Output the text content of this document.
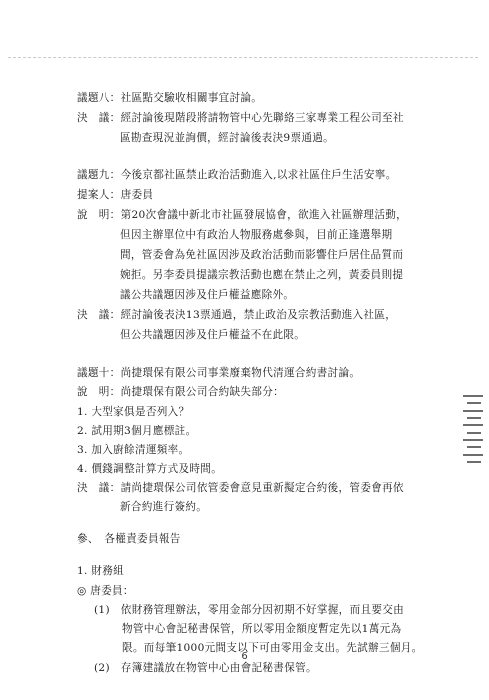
議題八：社區點交驗收相關事宜討論。
決　議：經討論後現階段將請物管中心先聯絡三家專業工程公司至社
區勘查現況並詢價，經討論後表決9票通過。
議題九：今後京都社區禁止政治活動進入,以求社區住戶生活安寧。
提案人：唐委員
說　明：第20次會議中新北市社區發展協會，欲進入社區辦理活動，
但因主辦單位中有政治人物服務處參與，目前正逢選舉期
間，管委會為免社區因涉及政治活動而影響住戶居住品質而
婉拒。另李委員提議宗教活動也應在禁止之列，黃委員則提
議公共議題因涉及住戶權益應除外。
決　議：經討論後表決13票通過，禁止政治及宗教活動進入社區，
但公共議題因涉及住戶權益不在此限。
議題十：尚捷環保有限公司事業廢棄物代清運合約書討論。
說　明：尚捷環保有限公司合約缺失部分：
1. 大型家俱是否列入？
2. 試用期3個月應標註。
3. 加入廚餘清運頻率。
4. 價錢調整計算方式及時間。
決　議：請尚捷環保公司依管委會意見重新擬定合約後，管委會再依
新合約進行簽約。
參、　各權責委員報告
1. 財務組
◎ 唐委員：
(1)　依財務管理辦法，零用金部分因初期不好掌握，而且要交由
物管中心會記秘書保管，所以零用金額度暫定先以1萬元為
限。而每筆1000元間支以下可由零用金支出。先試辦三個月。
(2)　存簿建議放在物管中心由會記秘書保管。
6
